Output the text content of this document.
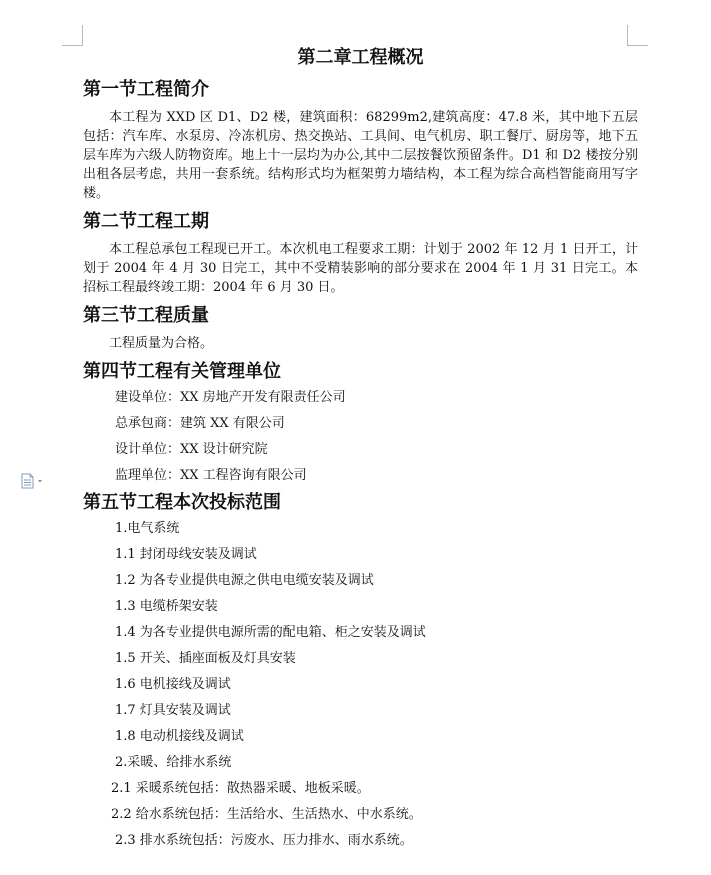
第二章工程概况
第一节工程简介

本工程为 XXD 区 D1、D2 楼，建筑面积：68299m2,建筑高度：47.8 米，其中地下五层包括：汽车库、水泵房、冷冻机房、热交换站、工具间、电气机房、职工餐厅、厨房等，地下五层车库为六级人防物资库。地上十一层均为办公,其中二层按餐饮预留条件。D1 和 D2 楼按分别出租各层考虑，共用一套系统。结构形式均为框架剪力墙结构，本工程为综合高档智能商用写字楼。

第二节工程工期

本工程总承包工程现已开工。本次机电工程要求工期：计划于 2002 年 12 月 1 日开工，计划于 2004 年 4 月 30 日完工，其中不受精装影响的部分要求在 2004 年 1 月 31 日完工。本招标工程最终竣工期：2004 年 6 月 30 日。

第三节工程质量

工程质量为合格。

第四节工程有关管理单位

建设单位：XX 房地产开发有限责任公司

总承包商：建筑 XX 有限公司

设计单位：XX 设计研究院

监理单位：XX 工程咨询有限公司

第五节工程本次投标范围

1.电气系统

1.1 封闭母线安装及调试

1.2 为各专业提供电源之供电电缆安装及调试

1.3 电缆桥架安装

1.4 为各专业提供电源所需的配电箱、柜之安装及调试

1.5 开关、插座面板及灯具安装

1.6 电机接线及调试

1.7 灯具安装及调试

1.8 电动机接线及调试

2.采暖、给排水系统

2.1 采暖系统包括：散热器采暖、地板采暖。

2.2 给水系统包括：生活给水、生活热水、中水系统。

2.3 排水系统包括：污废水、压力排水、雨水系统。
